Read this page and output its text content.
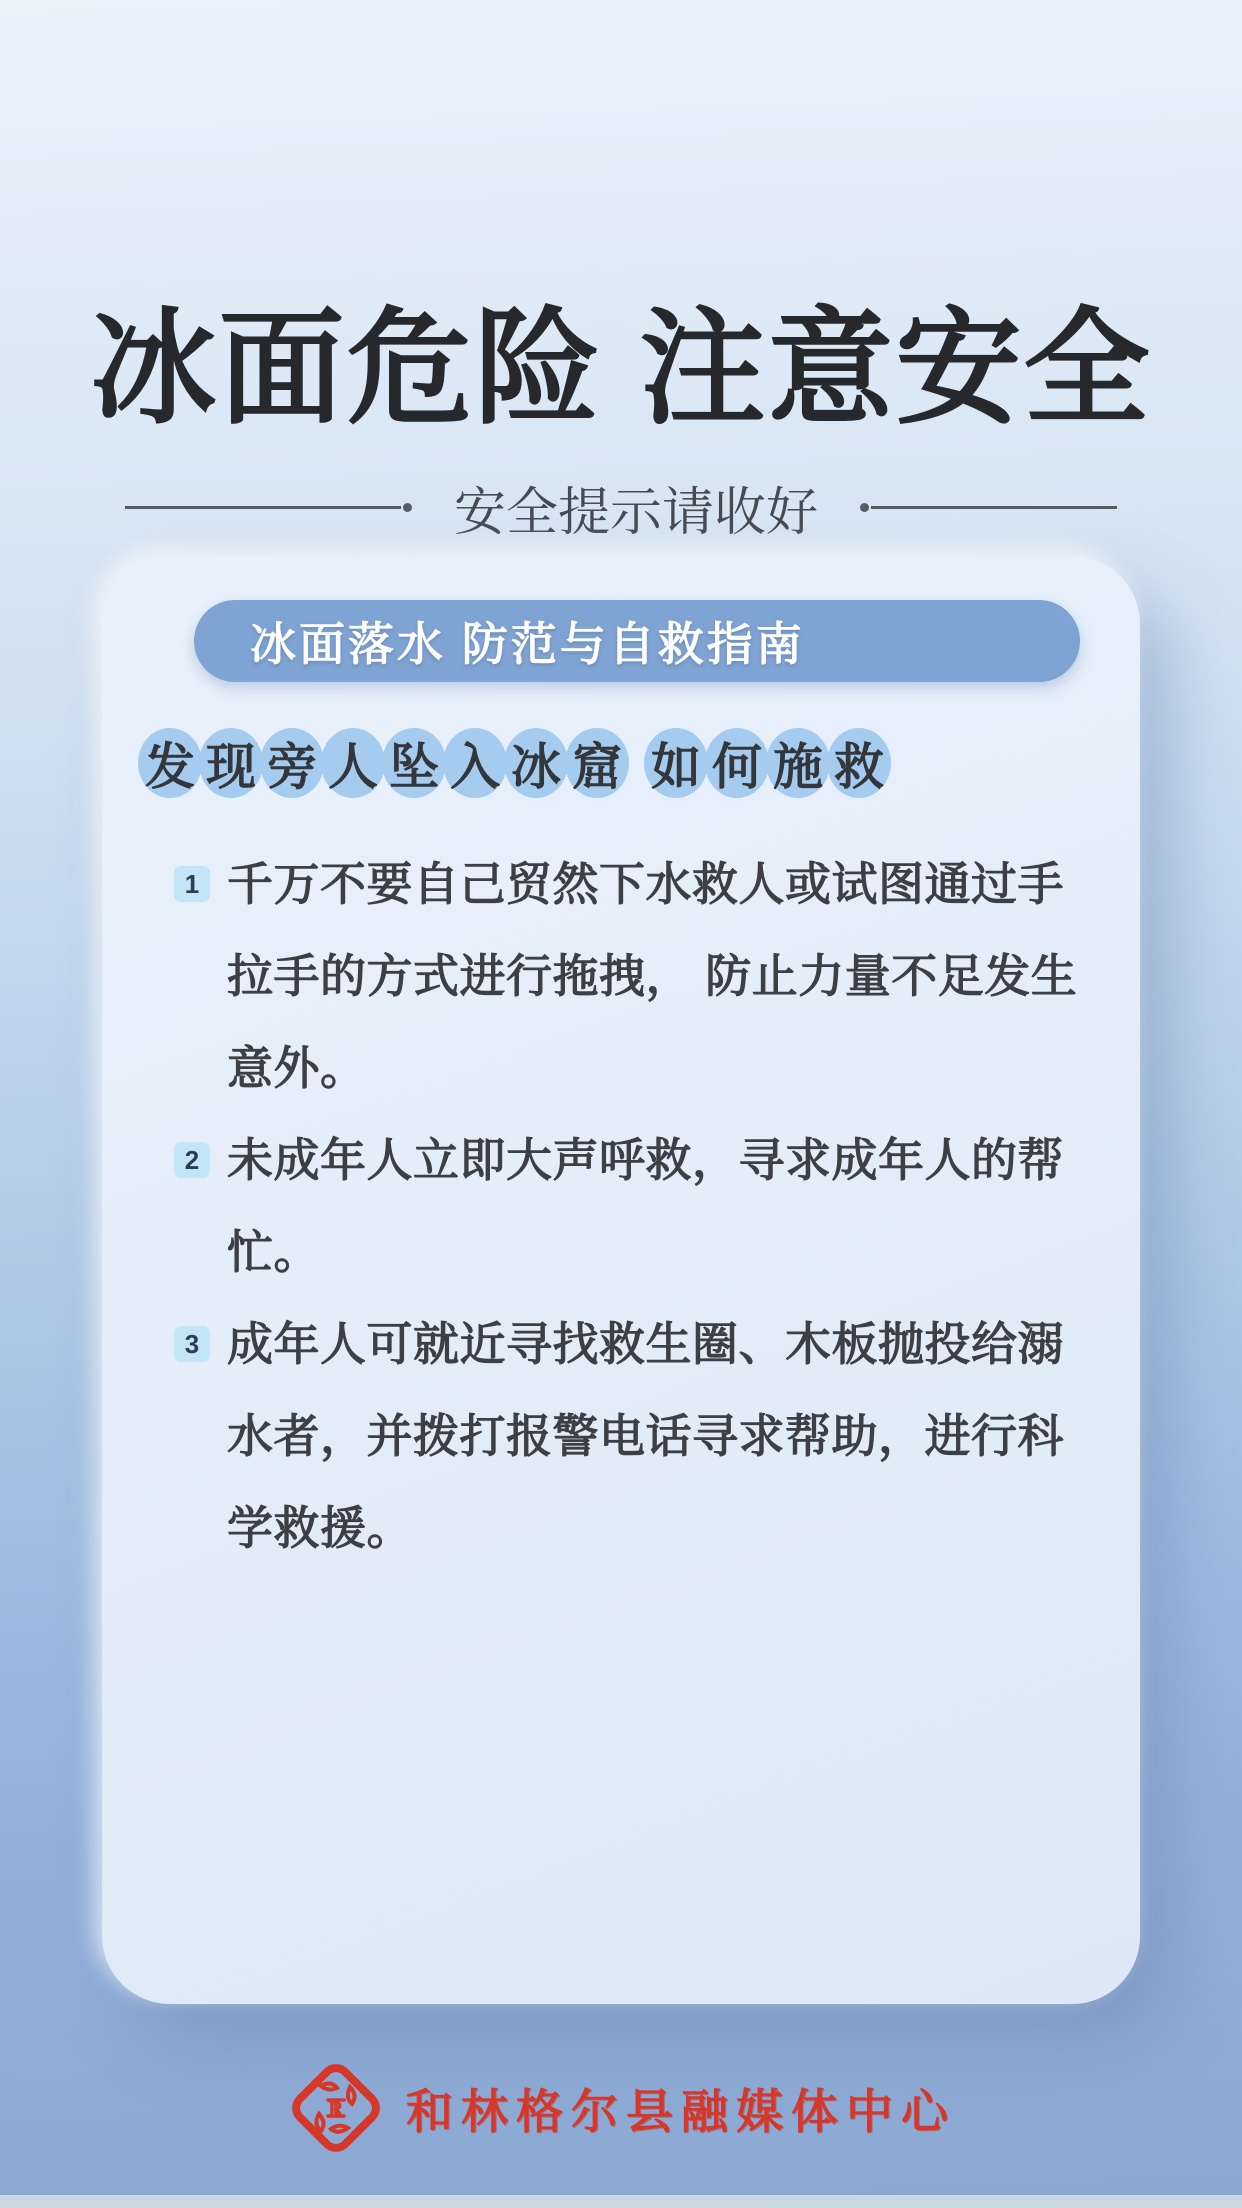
冰面危险 注意安全
安全提示请收好
冰面落水 防范与自救指南
发 现 旁 人 坠 入 冰 窟 如 何 施 救
1 千万不要自己贸然下水救人或试图通过手拉手的方式进行拖拽， 防止力量不足发生意外。
2 未成年人立即大声呼救，寻求成年人的帮忙。
3 成年人可就近寻找救生圈、木板抛投给溺水者，并拨打报警电话寻求帮助，进行科学救援。
R 和林格尔县融媒体中心
